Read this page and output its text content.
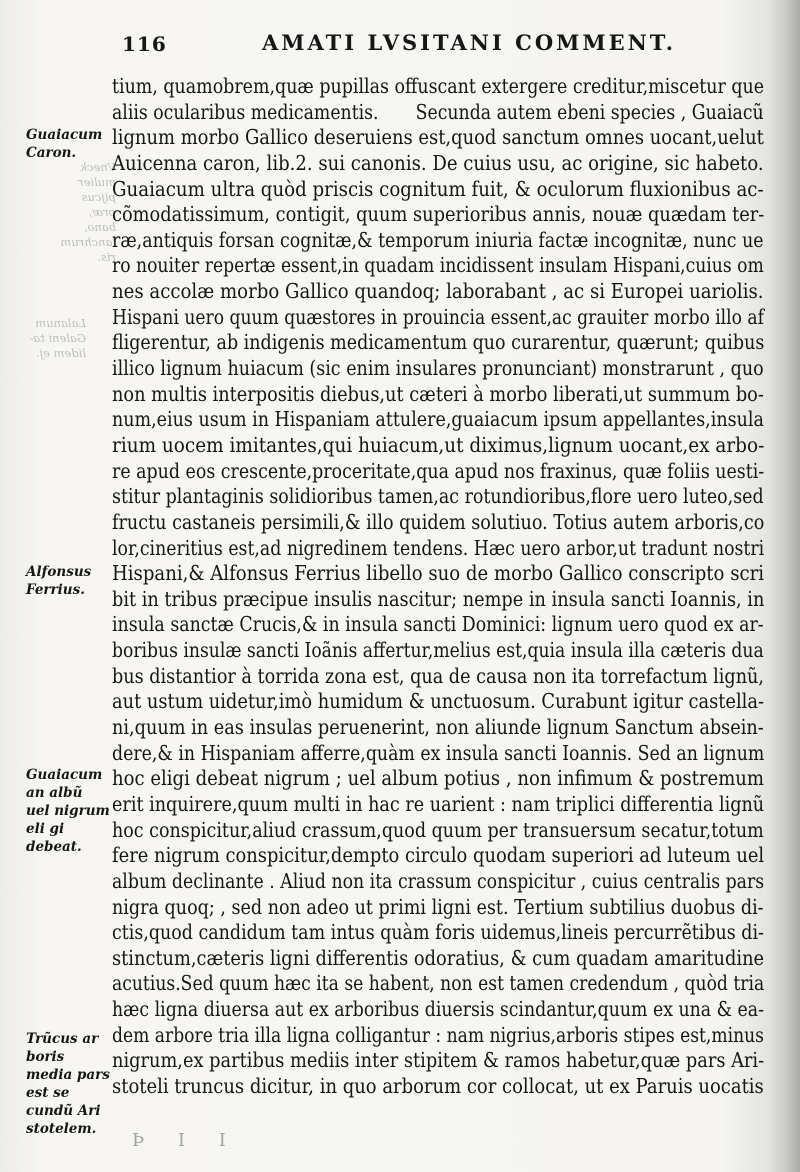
116	AMATI LVSITANI COMMENT.
Vneck mulier pijcus præ, bano, lanchrum ris.
Lalanum Galeni ta- lidem ej.
Guaiacum Caron.
Alfonsus Ferrius.
Guaiacum an albũ uel nigrum eli gi debeat.
Trũcus ar boris media pars est se cundũ Ari stotelem.
tium, quamobrem,quæ pupillas offuscant extergere creditur,miscetur que
aliis ocularibus medicamentis. Secunda autem ebeni species , Guaiacũ
lignum morbo Gallico deseruiens est,quod sanctum omnes uocant,uelut
Auicenna caron, lib.2. sui canonis. De cuius usu, ac origine, sic habeto.
Guaiacum ultra quòd priscis cognitum fuit, & oculorum fluxionibus ac-
cõmodatissimum, contigit, quum superioribus annis, nouæ quædam ter-
ræ,antiquis forsan cognitæ,& temporum iniuria factæ incognitæ, nunc ue
ro nouiter repertæ essent,in quadam incidissent insulam Hispani,cuius om
nes accolæ morbo Gallico quandoq; laborabant , ac si Europei uariolis.
Hispani uero quum quæstores in prouincia essent,ac grauiter morbo illo af
fligerentur, ab indigenis medicamentum quo curarentur, quærunt; quibus
illico lignum huiacum (sic enim insulares pronunciant) monstrarunt , quo
non multis interpositis diebus,ut cæteri à morbo liberati,ut summum bo-
num,eius usum in Hispaniam attulere,guaiacum ipsum appellantes,insula
rium uocem imitantes,qui huiacum,ut diximus,lignum uocant,ex arbo-
re apud eos crescente,proceritate,qua apud nos fraxinus, quæ foliis uesti-
stitur plantaginis solidioribus tamen,ac rotundioribus,flore uero luteo,sed
fructu castaneis persimili,& illo quidem solutiuo. Totius autem arboris,co
lor,cineritius est,ad nigredinem tendens. Hæc uero arbor,ut tradunt nostri
Hispani,& Alfonsus Ferrius libello suo de morbo Gallico conscripto scri
bit in tribus præcipue insulis nascitur; nempe in insula sancti Ioannis, in
insula sanctæ Crucis,& in insula sancti Dominici: lignum uero quod ex ar-
boribus insulæ sancti Ioãnis affertur,melius est,quia insula illa cæteris dua
bus distantior à torrida zona est, qua de causa non ita torrefactum lignũ,
aut ustum uidetur,imò humidum & unctuosum. Curabunt igitur castella-
ni,quum in eas insulas peruenerint, non aliunde lignum Sanctum absein-
dere,& in Hispaniam afferre,quàm ex insula sancti Ioannis. Sed an lignum
hoc eligi debeat nigrum ; uel album potius , non infimum & postremum
erit inquirere,quum multi in hac re uarient : nam triplici differentia lignũ
hoc conspicitur,aliud crassum,quod quum per transuersum secatur,totum
fere nigrum conspicitur,dempto circulo quodam superiori ad luteum uel
album declinante . Aliud non ita crassum conspicitur , cuius centralis pars
nigra quoq; , sed non adeo ut primi ligni est. Tertium subtilius duobus di-
ctis,quod candidum tam intus quàm foris uidemus,lineis percurrẽtibus di-
stinctum,cæteris ligni differentis odoratius, & cum quadam amaritudine
acutius.Sed quum hæc ita se habent, non est tamen credendum , quòd tria
hæc ligna diuersa aut ex arboribus diuersis scindantur,quum ex una & ea-
dem arbore tria illa ligna colligantur : nam nigrius,arboris stipes est,minus
nigrum,ex partibus mediis inter stipitem & ramos habetur,quæ pars Ari-
stoteli truncus dicitur, in quo arborum cor collocat, ut ex Paruis uocatis
Þ I I
